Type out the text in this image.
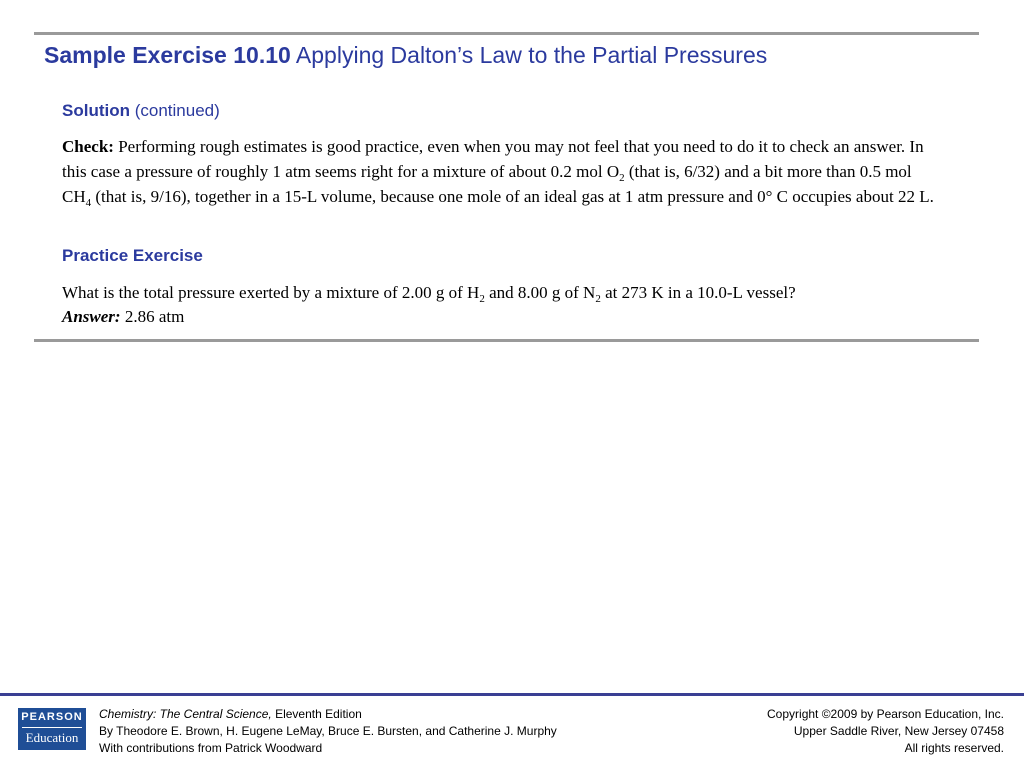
Sample Exercise 10.10 Applying Dalton’s Law to the Partial Pressures
Solution (continued)
Check: Performing rough estimates is good practice, even when you may not feel that you need to do it to check an answer. In this case a pressure of roughly 1 atm seems right for a mixture of about 0.2 mol $O_2$ (that is, 6/32) and a bit more than 0.5 mol $CH_4$ (that is, 9/16), together in a 15-L volume, because one mole of an ideal gas at 1 atm pressure and 0° C occupies about 22 L.
Practice Exercise
What is the total pressure exerted by a mixture of 2.00 g of $H_2$ and 8.00 g of $N_2$ at 273 K in a 10.0-L vessel?
Answer: 2.86 atm
PEARSON
Education
Chemistry: The Central Science, Eleventh Edition
By Theodore E. Brown, H. Eugene LeMay, Bruce E. Bursten, and Catherine J. Murphy
With contributions from Patrick Woodward
Copyright ©2009 by Pearson Education, Inc.
Upper Saddle River, New Jersey 07458
All rights reserved.
